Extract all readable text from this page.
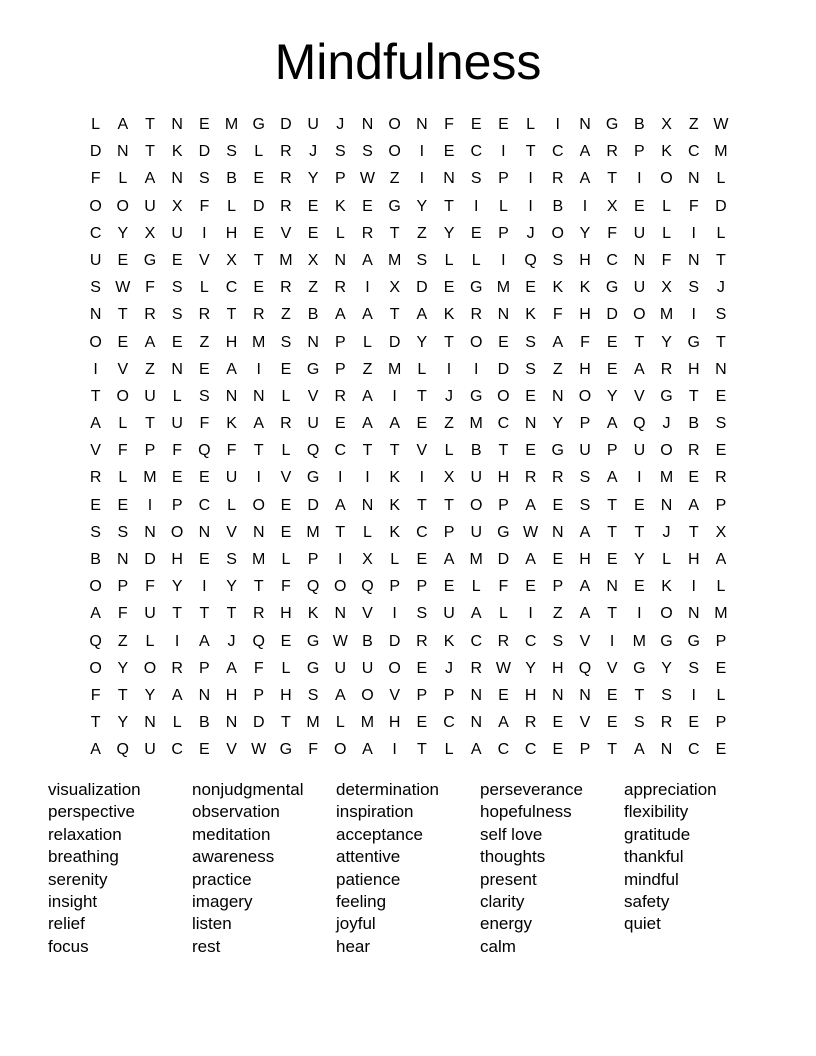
Mindfulness
L	A	T	N	E M G D U	J	N O N	F	E	E	L	I	N G B	X	Z W
D N	T	K	D	S	L	R	J	S	S O	I	E	C	I	T	C	A	R	P	K	C M
F	L	A	N	S	B	E	R	Y	P W Z	I	N	S	P	I	R	A	T	I	O N	L
O O U	X	F	L	D R	E	K	E G Y	T	I	L	I	B	I	X	E	L	F	D
C	Y	X	U	I	H	E	V	E	L	R	T	Z	Y	E	P	J	O Y	F	U	L	I	L
U	E G E	V	X	T M X	N	A M S	L	L	I	Q S	H C N	F	N	T
S W F	S	L	C	E	R	Z	R	I	X	D	E G M E	K	K G U	X	S	J
N	T	R	S	R	T	R	Z	B	A	A	T	A	K	R N	K	F	H D O M	I	S
O E	A	E	Z	H M S	N	P	L	D	Y	T	O E	S	A	F	E	T	Y G	T
I	V	Z	N	E	A	I	E G P	Z M	L	I	I	D	S	Z	H	E	A	R H N
T	O U	L	S	N N	L	V	R	A	I	T	J	G O E	N O Y	V G	T	E
A	L	T	U	F	K	A	R U	E	A	A	E	Z M C N	Y	P	A Q	J	B	S
V	F	P	F	Q	F	T	L	Q C	T	T	V	L	B	T	E G U	P	U O R	E
R	L	M E	E	U	I	V G	I	I	K	I	X	U H R R	S	A	I	M E	R
E	E	I	P	C	L	O E	D	A	N	K	T	T	O P	A	E	S	T	E	N	A	P
S	S	N O N	V	N	E M T	L	K	C	P	U G W N	A	T	T	J	T	X
B	N D H	E	S M	L	P	I	X	L	E	A M D	A	E	H	E	Y	L	H	A
O P	F	Y	I	Y	T	F	Q O Q P	P	E	L	F	E	P	A	N	E	K	I	L
A	F	U	T	T	T	R H	K	N	V	I	S	U	A	L	I	Z	A	T	I	O N M
Q	Z	L	I	A	J	Q E G W B	D R	K	C R C	S	V	I	M G G P
O Y O R	P	A	F	L	G U U O E	J	R W Y	H Q V G Y	S	E
F	T	Y	A	N H	P	H	S	A O V	P	P	N	E	H N N	E	T	S	I	L
T	Y	N	L	B	N D	T M	L	M H	E	C N	A	R	E	V	E	S	R	E	P
A Q U C	E	V W G	F	O A	I	T	L	A	C C	E	P	T	A	N C	E
visualization
perspective
relaxation
breathing
serenity
insight
relief
focus
nonjudgmental
observation
meditation
awareness
practice
imagery
listen
rest
determination
inspiration
acceptance
attentive
patience
feeling
joyful
hear
perseverance
hopefulness
self love
thoughts
present
clarity
energy
calm
appreciation
flexibility
gratitude
thankful
mindful
safety
quiet
